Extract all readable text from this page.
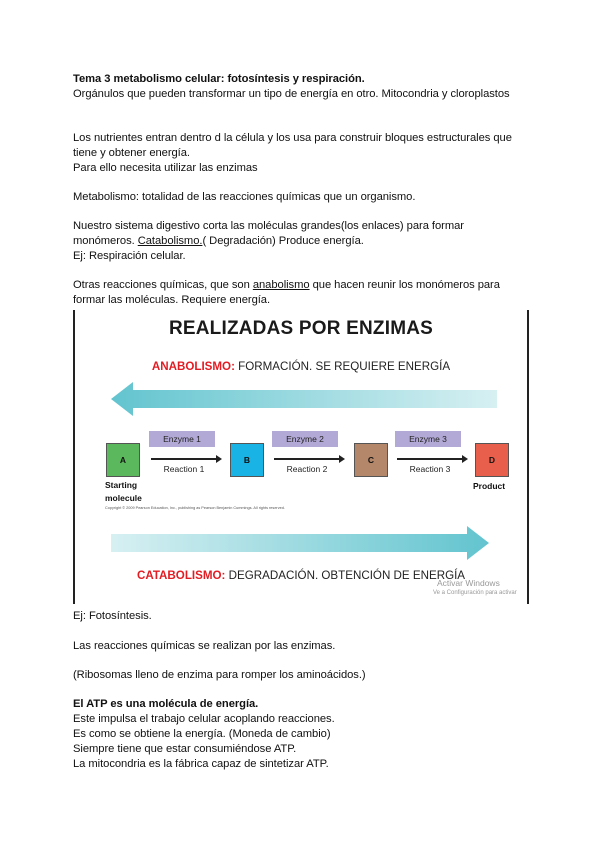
Tema 3 metabolismo celular: fotosíntesis y respiración.
Orgánulos que pueden transformar un tipo de energía en otro. Mitocondria y cloroplastos
Los nutrientes entran dentro d la célula y los usa para construir bloques estructurales que
tiene y obtener energía.
Para ello necesita utilizar las enzimas
Metabolismo: totalidad de las reacciones químicas que un organismo.
Nuestro sistema digestivo corta las moléculas grandes(los enlaces) para formar
monómeros. Catabolismo.( Degradación) Produce energía.
Ej: Respiración celular.
Otras reacciones químicas, que son anabolismo que hacen reunir los monómeros para
formar las moléculas. Requiere energía.
REALIZADAS POR ENZIMAS
ANABOLISMO: FORMACIÓN. SE REQUIERE ENERGÍA
Enzyme 1	Enzyme 2	Enzyme 3
A	B	C	D
Reaction 1	Reaction 2	Reaction 3
Starting
molecule
Product
Copyright © 2009 Pearson Education, Inc., publishing as Pearson Benjamin Cummings. All rights reserved.
CATABOLISMO: DEGRADACIÓN. OBTENCIÓN DE ENERGÍA
Activar Windows
Ve a Configuración para activar
Ej: Fotosíntesis.
Las reacciones químicas se realizan por las enzimas.
(Ribosomas lleno de enzima para romper los aminoácidos.)
El ATP es una molécula de energía.
Este impulsa el trabajo celular acoplando reacciones.
Es como se obtiene la energía. (Moneda de cambio)
Siempre tiene que estar consumiéndose ATP.
La mitocondria es la fábrica capaz de sintetizar ATP.
